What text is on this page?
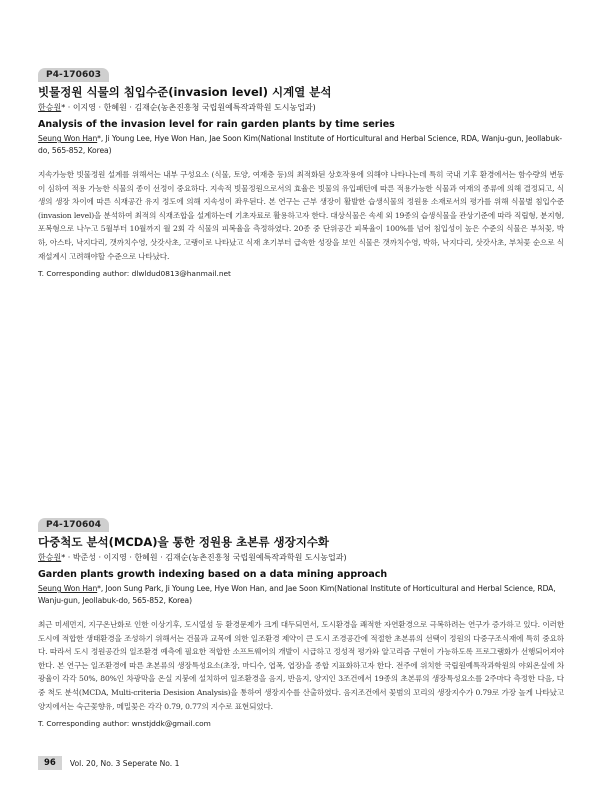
P4-170603
빗물정원 식물의 침입수준(invasion level) 시계열 분석
한승원* · 이지영 · 한혜원 · 김재순(농촌진흥청 국립원예특작과학원 도시농업과)
Analysis of the invasion level for rain garden plants by time series
Seung Won Han*, Ji Young Lee, Hye Won Han, Jae Soon Kim(National Institute of Horticultural and Herbal Science, RDA, Wanju-gun, Jeollabuk-do, 565-852, Korea)

지속가능한 빗물정원 설계를 위해서는 내부 구성요소 (식물, 토양, 여재층 등)의 최적화된 상호작용에 의해야 나타나는데 특히 국내 기후 환경에서는 함수량의 변동이 심하여 적용 가능한 식물의 종이 선정이 중요하다. 지속적 빗물정원으로서의 효율은 빗물의 유입패턴에 따른 적용가능한 식물과 여재의 종류에 의해 결정되고, 식생의 생장 차이에 따른 식재공간 유지 정도에 의해 지속성이 좌우된다. 본 연구는 근부 생장이 활발한 습생식물의 정원용 소재로서의 평가를 위해 식물별 침입수준(invasion level)을 분석하여 최적의 식재조합을 설계하는데 기초자료로 활용하고자 한다. 대상식물은 속세 외 19종의 습생식물을 관상기준에 따라 직립형, 분지형, 포복형으로 나누고 5월부터 10월까지 월 2회 각 식물의 피복율을 측정하였다. 20종 중 단위공간 피복율이 100%를 넘어 침입성이 높은 수준의 식물은 부처꽃, 박하, 아스타, 낙지다리, 갯까치수영, 삿갓사초, 고랭이로 나타났고 식재 초기부터 급속한 성장을 보인 식물은 갯까치수영, 박하, 낙지다리, 삿갓사초, 부처꽃 순으로 식재설계시 고려해야할 수준으로 나타났다.

T. Corresponding author: dlwldud0813@hanmail.net
P4-170604
다중척도 분석(MCDA)을 통한 정원용 초본류 생장지수화
한승원* · 박준성 · 이지영 · 한혜원 · 김재순(농촌진흥청 국립원예특작과학원 도시농업과)
Garden plants growth indexing based on a data mining approach
Seung Won Han*, Joon Sung Park, Ji Young Lee, Hye Won Han, and Jae Soon Kim(National Institute of Horticultural and Herbal Science, RDA, Wanju-gun, Jeollabuk-do, 565-852, Korea)

최근 미세먼지, 지구온난화로 인한 이상기후, 도시열섬 등 환경문제가 크게 대두되면서, 도시환경을 쾌적한 자연환경으로 극복하려는 연구가 증가하고 있다. 이러한 도시에 적합한 생태환경을 조성하기 위해서는 건물과 교목에 의한 일조환경 제약이 큰 도시 조경공간에 적절한 초본류의 선택이 정원의 다중구조식재에 특히 중요하다. 따라서 도시 정원공간의 일조환경 예측에 필요한 적합한 소프트웨어의 개발이 시급하고 정성적 평가와 알고리즘 구현이 가능하도록 프로그램화가 선행되어져야 한다. 본 연구는 일조환경에 따른 초본류의 생장특성요소(초장, 마디수, 엽폭, 엽장)을 종합 지표화하고자 한다. 전주에 위치한 국립원예특작과학원의 야외온실에 차광율이 각각 50%, 80%인 차광막을 온실 지붕에 설치하여 일조환경을 음지, 반음지, 양지인 3조건에서 19종의 초본류의 생장특성요소를 2주마다 측정한 다음, 다중 척도 분석(MCDA, Multi-criteria Desision Analysis)을 통하여 생장지수를 산출하였다. 음지조건에서 꽃범의 꼬리의 생장지수가 0.79로 가장 높게 나타났고 양지에서는 숙근꽃향유, 메밀꽃은 각각 0.79, 0.77의 지수로 표현되었다.

T. Corresponding author: wnstjddk@gmail.com
96	Vol. 20, No. 3 Seperate No. 1
